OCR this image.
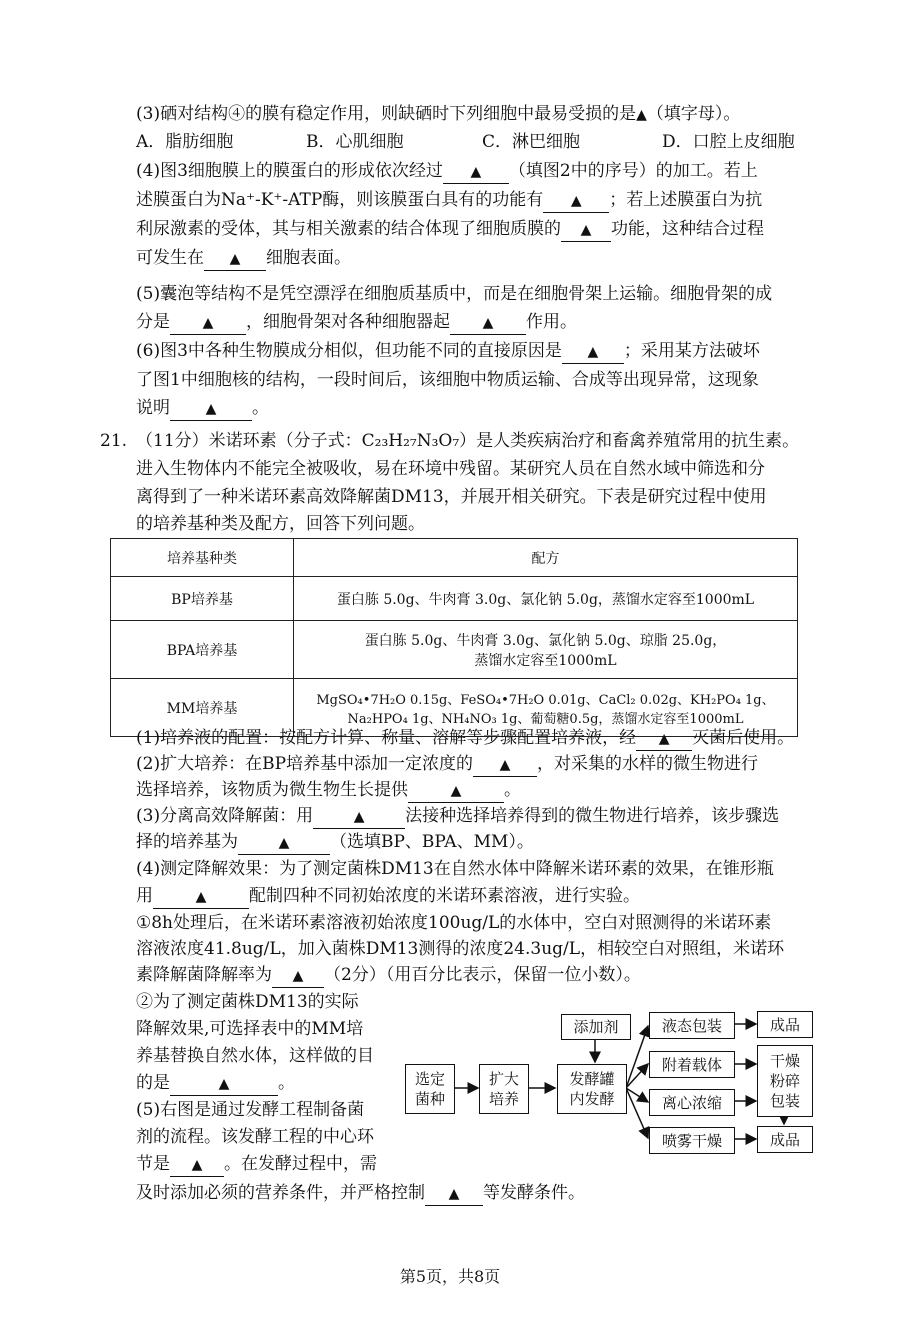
(3)硒对结构④的膜有稳定作用，则缺硒时下列细胞中最易受损的是▲（填字母）。
A．脂肪细胞	B．心肌细胞	C．淋巴细胞	D．口腔上皮细胞
(4)图3细胞膜上的膜蛋白的形成依次经过 ▲ （填图2中的序号）的加工。若上
述膜蛋白为Na⁺-K⁺-ATP酶，则该膜蛋白具有的功能有 ▲ ；若上述膜蛋白为抗
利尿激素的受体，其与相关激素的结合体现了细胞质膜的 ▲ 功能，这种结合过程
可发生在 ▲ 细胞表面。
(5)囊泡等结构不是凭空漂浮在细胞质基质中，而是在细胞骨架上运输。细胞骨架的成
分是 ▲ ，细胞骨架对各种细胞器起 ▲ 作用。
(6)图3中各种生物膜成分相似，但功能不同的直接原因是 ▲ ；采用某方法破坏
了图1中细胞核的结构，一段时间后，该细胞中物质运输、合成等出现异常，这现象
说明	▲ 。
21. （11分）米诺环素（分子式：C₂₃H₂₇N₃O₇）是人类疾病治疗和畜禽养殖常用的抗生素。
进入生物体内不能完全被吸收，易在环境中残留。某研究人员在自然水域中筛选和分
离得到了一种米诺环素高效降解菌DM13，并展开相关研究。下表是研究过程中使用
的培养基种类及配方，回答下列问题。
培养基种类	配方
BP培养基	蛋白胨 5.0g、牛肉膏 3.0g、氯化钠 5.0g，蒸馏水定容至1000mL
BPA培养基	蛋白胨 5.0g、牛肉膏 3.0g、氯化钠 5.0g、琼脂 25.0g，
蒸馏水定容至1000mL

MM培养基	MgSO₄•7H₂O 0.15g、FeSO₄•7H₂O 0.01g、CaCl₂ 0.02g、KH₂PO₄ 1g、
Na₂HPO₄ 1g、NH₄NO₃ 1g、葡萄糖0.5g，蒸馏水定容至1000mL
(1)培养液的配置：按配方计算、称量、溶解等步骤配置培养液，经 ▲ 灭菌后使用。
(2)扩大培养：在BP培养基中添加一定浓度的 ▲ ，对采集的水样的微生物进行
选择培养，该物质为微生物生长提供	▲	。
(3)分离高效降解菌：用	▲ 法接种选择培养得到的微生物进行培养，该步骤选
择的培养基为	▲ （选填BP、BPA、MM）。
(4)测定降解效果：为了测定菌株DM13在自然水体中降解米诺环素的效果，在锥形瓶
用	▲	配制四种不同初始浓度的米诺环素溶液，进行实验。
①8h处理后，在米诺环素溶液初始浓度100ug/L的水体中，空白对照测得的米诺环素
溶液浓度41.8ug/L，加入菌株DM13测得的浓度24.3ug/L，相较空白对照组，米诺环
素降解菌降解率为 ▲ （2分）（用百分比表示，保留一位小数）。
②为了测定菌株DM13的实际
降解效果,可选择表中的MM培
养基替换自然水体，这样做的目
的是	▲	。
(5)右图是通过发酵工程制备菌
剂的流程。该发酵工程的中心环
节是 ▲ 。在发酵过程中，需
及时添加必须的营养条件，并严格控制 ▲ 等发酵条件。
选定
菌种
扩大
培养
添加剂
发酵罐
内发酵
液态包装
附着载体
离心浓缩
喷雾干燥
成品
干燥
粉碎
包装
成品
第5页，共8页
